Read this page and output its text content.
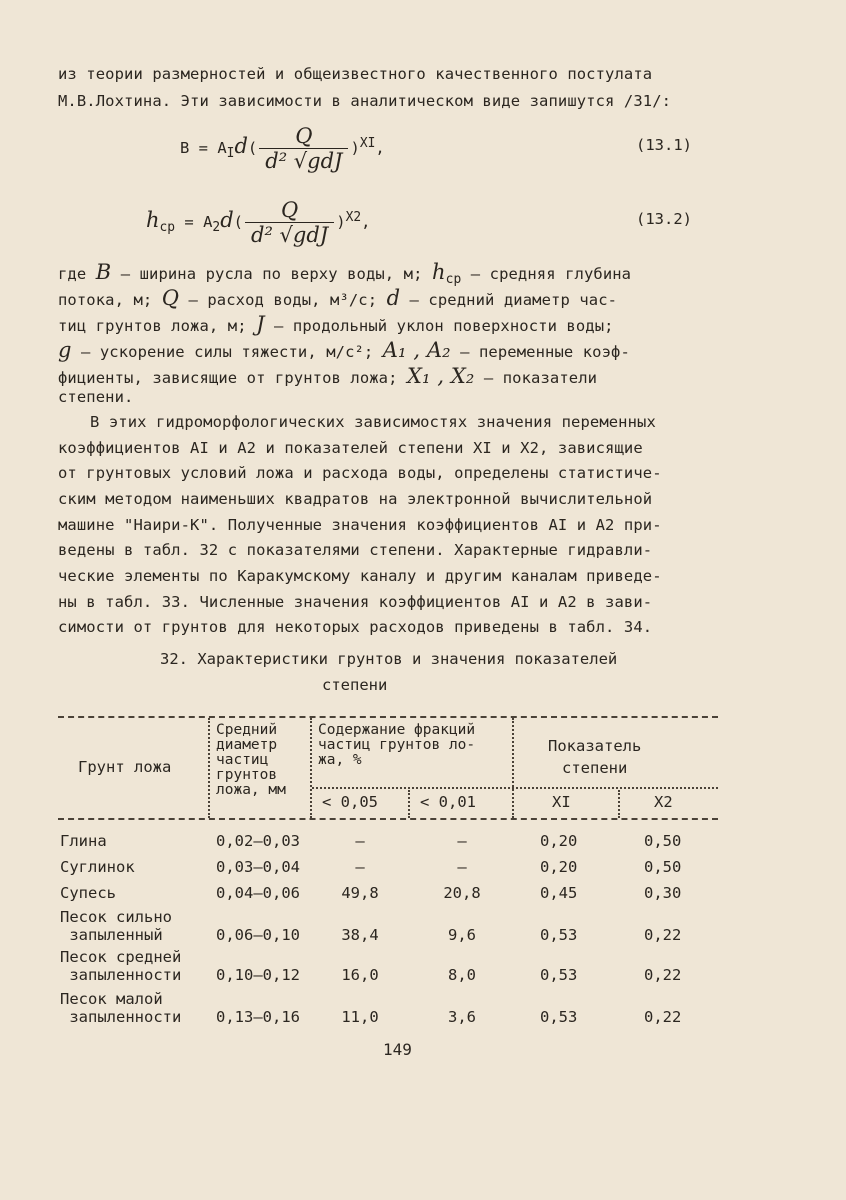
из теории размерностей и общеизвестного качественного постулата
М.В.Лохтина. Эти зависимости в аналитическом виде запишутся /31/:
$B = A_Id( \frac{Q}{\text{d² √gdJ}} )^{XI}$,	(13.1)
$h_{ср} = A_2d( \frac{Q}{\text{d² √gdJ}} )^{X2}$,	(13.2)
где B – ширина русла по верху воды, м; $h_{ср}$ – средняя глубина
потока, м; Q – расход воды, м³/с; d – средний диаметр час-
тиц грунтов ложа, м; J – продольный уклон поверхности воды;
g – ускорение силы тяжести, м/с²; A₁ , A₂ – переменные коэф-
фициенты, зависящие от грунтов ложа; X₁ , X₂ – показатели
степени.
В этих гидроморфологических зависимостях значения переменных
коэффициентов AI и A2 и показателей степени XI и X2, зависящие
от грунтовых условий ложа и расхода воды, определены статистиче-
ским методом наименьших квадратов на электронной вычислительной
машине "Наири-К". Полученные значения коэффициентов AI и A2 при-
ведены в табл. 32 с показателями степени. Характерные гидравли-
ческие элементы по Каракумскому каналу и другим каналам приведе-
ны в табл. 33. Численные значения коэффициентов AI и A2 в зави-
симости от грунтов для некоторых расходов приведены в табл. 34.
32. Характеристики грунтов и значения показателей
степени
Грунт ложа
Средний
диаметр
частиц
грунтов
ложа, мм
Содержание фракций
частиц грунтов ло-
жа, %
< 0,05	< 0,01
Показатель
степени
XI	X2
Глина	0,02–0,03	–	–	0,20	0,50
Суглинок	0,03–0,04	–	–	0,20	0,50
Супесь	0,04–0,06	49,8	20,8	0,45	0,30
Песок сильно
запыленный	0,06–0,10	38,4	9,6	0,53	0,22
Песок средней
запыленности 0,10–0,12	16,0	8,0	0,53	0,22
Песок малой
запыленности 0,13–0,16	11,0	3,6	0,53	0,22
149
